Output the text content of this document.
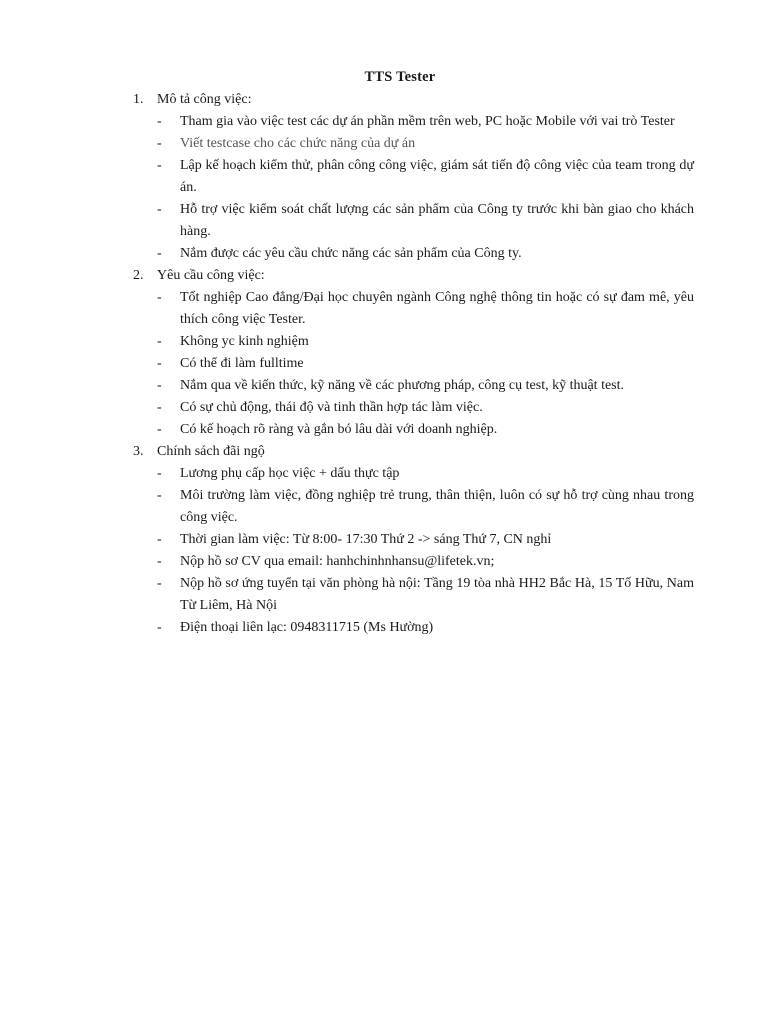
TTS Tester
1. Mô tả công việc:
- Tham gia vào việc test các dự án phần mềm trên web, PC hoặc Mobile với vai trò Tester
- Viết testcase cho các chức năng của dự án
- Lập kế hoạch kiểm thử, phân công công việc, giám sát tiến độ công việc của team trong dự án.
- Hỗ trợ việc kiểm soát chất lượng các sản phẩm của Công ty trước khi bàn giao cho khách hàng.
- Nắm được các yêu cầu chức năng các sản phẩm của Công ty.
2. Yêu cầu công việc:
- Tốt nghiệp Cao đẳng/Đại học chuyên ngành Công nghệ thông tin hoặc có sự đam mê, yêu thích công việc Tester.
- Không yc kinh nghiệm
- Có thể đi làm fulltime
- Nắm qua về kiến thức, kỹ năng về các phương pháp, công cụ test, kỹ thuật test.
- Có sự chủ động, thái độ và tinh thần hợp tác làm việc.
- Có kế hoạch rõ ràng và gắn bó lâu dài với doanh nghiệp.
3. Chính sách đãi ngộ
- Lương phụ cấp học việc + dấu thực tập
- Môi trường làm việc, đồng nghiệp trẻ trung, thân thiện, luôn có sự hỗ trợ cùng nhau trong công việc.
- Thời gian làm việc: Từ 8:00- 17:30 Thứ 2 -> sáng Thứ 7, CN nghỉ
- Nộp hồ sơ CV qua email: hanhchinhnhansu@lifetek.vn;
- Nộp hồ sơ ứng tuyển tại văn phòng hà nội: Tầng 19 tòa nhà HH2 Bắc Hà, 15 Tố Hữu, Nam Từ Liêm, Hà Nội
- Điện thoại liên lạc: 0948311715 (Ms Hường)
